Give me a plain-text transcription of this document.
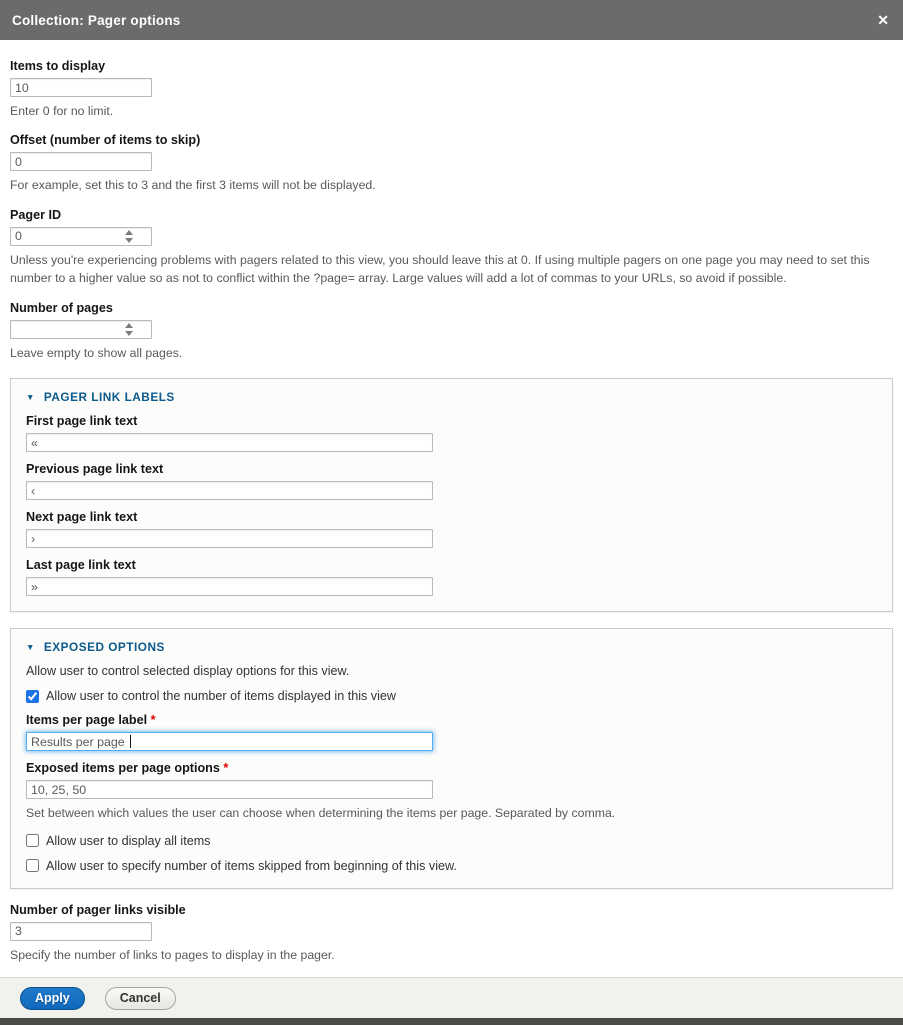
Collection: Pager options	✕
Items to display
10
Enter 0 for no limit.
Offset (number of items to skip)
0
For example, set this to 3 and the first 3 items will not be displayed.
Pager ID
0
Unless you're experiencing problems with pagers related to this view, you should leave this at 0. If using multiple pagers on one page you may need to set this number to a higher value so as not to conflict within the ?page= array. Large values will add a lot of commas to your URLs, so avoid if possible.
Number of pages
Leave empty to show all pages.
▼ PAGER LINK LABELS
First page link text
«
Previous page link text
‹
Next page link text
›
Last page link text
»
▼ EXPOSED OPTIONS
Allow user to control selected display options for this view.
Allow user to control the number of items displayed in this view
Items per page label *
Results per page
Exposed items per page options *
10, 25, 50
Set between which values the user can choose when determining the items per page. Separated by comma.
Allow user to display all items
Allow user to specify number of items skipped from beginning of this view.
Number of pager links visible
3
Specify the number of links to pages to display in the pager.
Apply	Cancel
